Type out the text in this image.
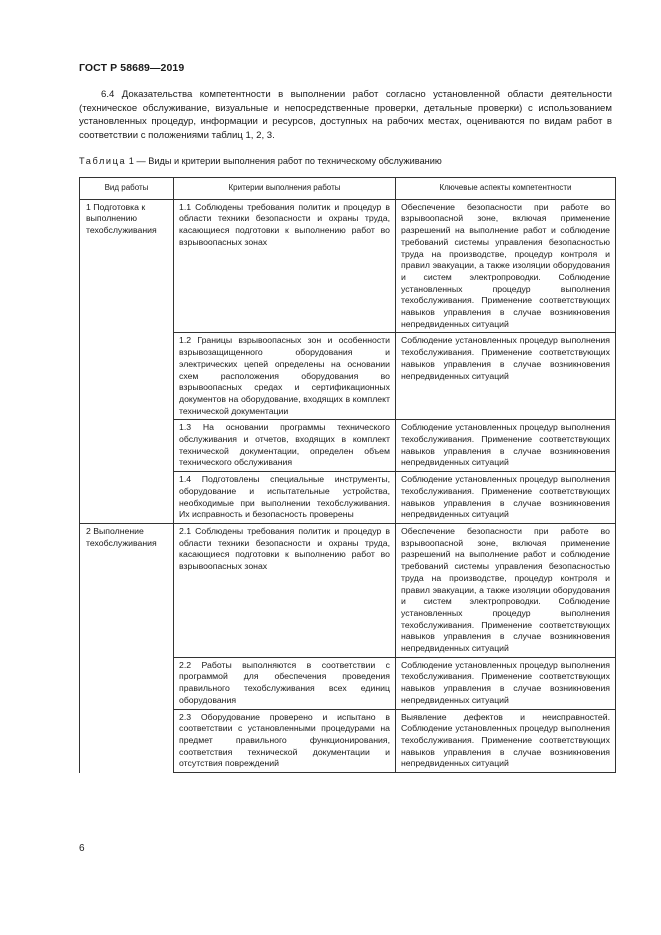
ГОСТ Р 58689—2019

6.4 Доказательства компетентности в выполнении работ согласно установленной области деятельности (техническое обслуживание, визуальные и непосредственные проверки, детальные проверки) с использованием установленных процедур, информации и ресурсов, доступных на рабочих местах, оцениваются по видам работ в соответствии с положениями таблиц 1, 2, 3.

Таблица 1 — Виды и критерии выполнения работ по техническому обслуживанию
Вид работы	Критерии выполнения работы	Ключевые аспекты компетентности
1 Подготовка к выполнению техобслуживания	1.1 Соблюдены требования политик и процедур в области техники безопасности и охраны труда, касающиеся подготовки к выполнению работ во взрывоопасных зонах	Обеспечение безопасности при работе во взрывоопасной зоне, включая применение разрешений на выполнение работ и соблюдение требований системы управления безопасностью труда на производстве, процедур контроля и правил эвакуации, а также изоляции оборудования и систем электропроводки. Соблюдение установленных процедур выполнения техобслуживания. Применение соответствующих навыков управления в случае возникновения непредвиденных ситуаций
	1.2 Границы взрывоопасных зон и особенности взрывозащищенного оборудования и электрических цепей определены на основании схем расположения оборудования во взрывоопасных средах и сертификационных документов на оборудование, входящих в комплект технической документации	Соблюдение установленных процедур выполнения техобслуживания. Применение соответствующих навыков управления в случае возникновения непредвиденных ситуаций
	1.3 На основании программы технического обслуживания и отчетов, входящих в комплект технической документации, определен объем технического обслуживания	Соблюдение установленных процедур выполнения техобслуживания. Применение соответствующих навыков управления в случае возникновения непредвиденных ситуаций
	1.4 Подготовлены специальные инструменты, оборудование и испытательные устройства, необходимые при выполнении техобслуживания. Их исправность и безопасность проверены	Соблюдение установленных процедур выполнения техобслуживания. Применение соответствующих навыков управления в случае возникновения непредвиденных ситуаций
2 Выполнение техобслуживания	2.1 Соблюдены требования политик и процедур в области техники безопасности и охраны труда, касающиеся подготовки к выполнению работ во взрывоопасных зонах	Обеспечение безопасности при работе во взрывоопасной зоне, включая применение разрешений на выполнение работ и соблюдение требований системы управления безопасностью труда на производстве, процедур контроля и правил эвакуации, а также изоляции оборудования и систем электропроводки. Соблюдение установленных процедур выполнения техобслуживания. Применение соответствующих навыков управления в случае возникновения непредвиденных ситуаций
	2.2 Работы выполняются в соответствии с программой для обеспечения проведения правильного техобслуживания всех единиц оборудования	Соблюдение установленных процедур выполнения техобслуживания. Применение соответствующих навыков управления в случае возникновения непредвиденных ситуаций
	2.3 Оборудование проверено и испытано в соответствии с установленными процедурами на предмет правильного функционирования, соответствия технической документации и отсутствия повреждений	Выявление дефектов и неисправностей. Соблюдение установленных процедур выполнения техобслуживания. Применение соответствующих навыков управления в случае возникновения непредвиденных ситуаций
6
